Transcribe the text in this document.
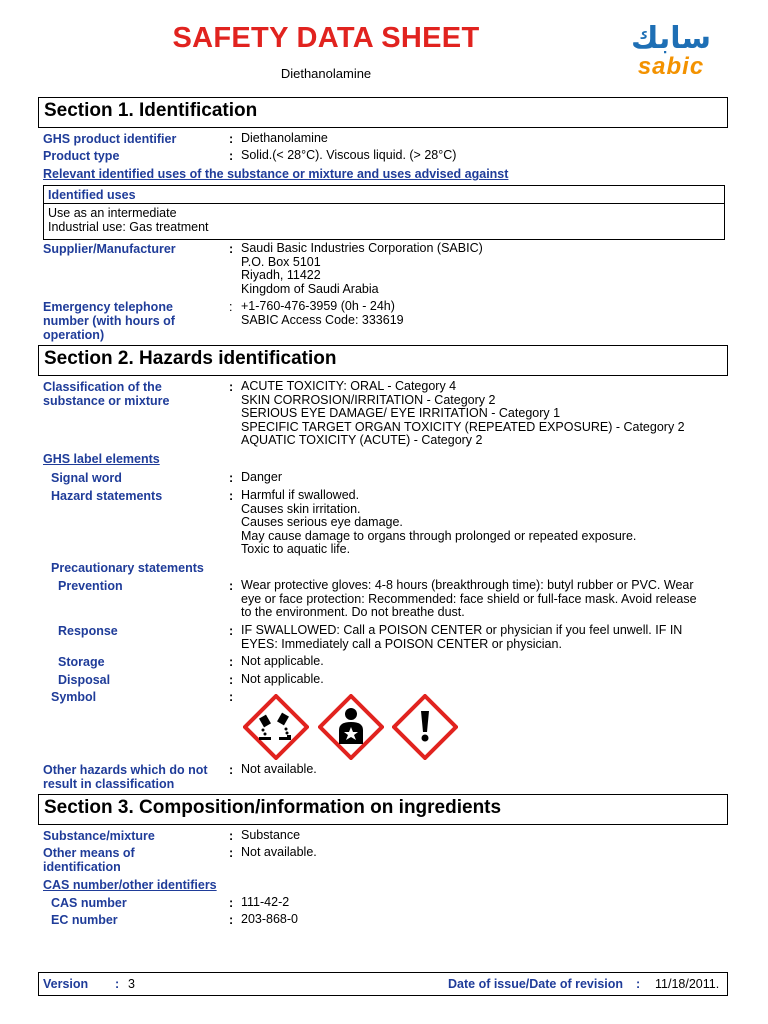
SAFETY DATA SHEET
Diethanolamine
سابك
sabic
Section 1. Identification
GHS product identifier	: Diethanolamine
Product type	: Solid.(< 28°C). Viscous liquid. (> 28°C)
Relevant identified uses of the substance or mixture and uses advised against
Identified uses
Use as an intermediate
Industrial use: Gas treatment
Supplier/Manufacturer	: Saudi Basic Industries Corporation (SABIC)
P.O. Box 5101
Riyadh, 11422
Kingdom of Saudi Arabia
Emergency telephone
number (with hours of
operation)
: +1-760-476-3959 (0h - 24h)
SABIC Access Code: 333619
Section 2. Hazards identification
Classification of the
substance or mixture
: ACUTE TOXICITY: ORAL - Category 4
SKIN CORROSION/IRRITATION - Category 2
SERIOUS EYE DAMAGE/ EYE IRRITATION - Category 1
SPECIFIC TARGET ORGAN TOXICITY (REPEATED EXPOSURE) - Category 2
AQUATIC TOXICITY (ACUTE) - Category 2
GHS label elements
Signal word	: Danger
Hazard statements	: Harmful if swallowed.
Causes skin irritation.
Causes serious eye damage.
May cause damage to organs through prolonged or repeated exposure.
Toxic to aquatic life.
Precautionary statements
Prevention	: Wear protective gloves: 4-8 hours (breakthrough time): butyl rubber or PVC. Wear
eye or face protection: Recommended: face shield or full-face mask. Avoid release
to the environment. Do not breathe dust.
Response	: IF SWALLOWED: Call a POISON CENTER or physician if you feel unwell. IF IN
EYES: Immediately call a POISON CENTER or physician.
Storage	: Not applicable.
Disposal	: Not applicable.
Symbol	:
Other hazards which do not
result in classification
: Not available.
Section 3. Composition/information on ingredients
Substance/mixture	: Substance
Other means of
identification
: Not available.
CAS number/other identifiers
CAS number	: 111-42-2
EC number	: 203-868-0
Version : 3	Date of issue/Date of revision : 11/18/2011.
